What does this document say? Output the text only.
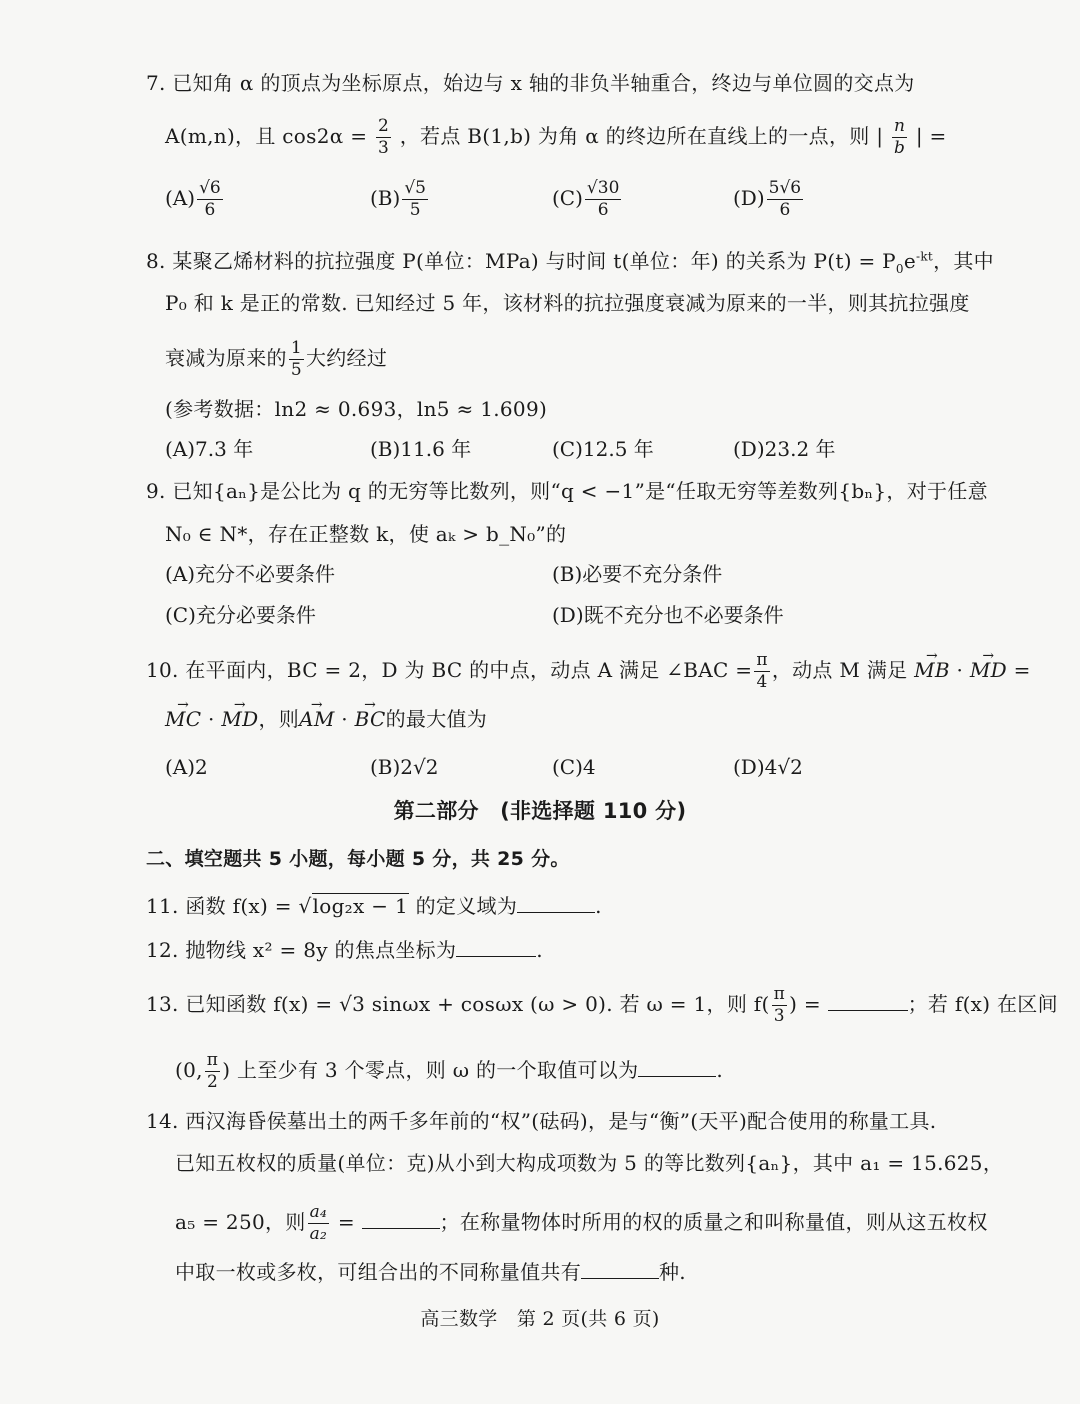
7. 已知角 α 的顶点为坐标原点，始边与 x 轴的非负半轴重合，终边与单位圆的交点为
A(m,n)，且 $\cos 2\alpha = \frac{2}{3}$ ，若点 B(1,b) 为角 α 的终边所在直线上的一点，则 | $\frac{n}{b}$ | =
$(A) \frac{√6}{6}$	$(B) \frac{√5}{5}$	$(C) \frac{√30}{6}$	$(D) \frac{5√6}{6}$
8. 某聚乙烯材料的抗拉强度 P(单位：MPa) 与时间 t(单位：年) 的关系为 $P(t) = P_0e^{-kt}$，其中
P₀ 和 k 是正的常数. 已知经过 5 年，该材料的抗拉强度衰减为原来的一半，则其抗拉强度
衰减为原来的 $\frac{1}{5}$ 大约经过
(参考数据：ln2 ≈ 0.693，ln5 ≈ 1.609)
(A)7.3 年	(B)11.6 年	(C)12.5 年	(D)23.2 年
9. 已知{aₙ}是公比为 q 的无穷等比数列，则“q < −1”是“任取无穷等差数列{bₙ}，对于任意
N₀ ∈ N*，存在正整数 k，使 aₖ > b_N₀”的
(A)充分不必要条件	(B)必要不充分条件
(C)充分必要条件	(D)既不充分也不必要条件
10. 在平面内，BC = 2，D 为 BC 的中点，动点 A 满足 ∠BAC = $\frac{\pi}{4}$ ，动点 M 满足 → MB · → MD =
→ MC · → MD，则→ AM · → BC的最大值为
(A)2	(B)2√2	(C)4	(D)4√2
第二部分　(非选择题 110 分)
二、填空题共 5 小题，每小题 5 分，共 25 分。
11. 函数 f(x) = √log₂x − 1 的定义域为	.
12. 抛物线 x² = 8y 的焦点坐标为	.
13. 已知函数 f(x) = √3 sinωx + cosωx (ω > 0). 若 ω = 1，则 $f( \frac{\pi}{3}$ ) =	；若 f(x) 在区间
(0, $\frac{\pi}{2}$ ) 上至少有 3 个零点，则 ω 的一个取值可以为	.
14. 西汉海昏侯墓出土的两千多年前的“权”(砝码)，是与“衡”(天平)配合使用的称量工具.
已知五枚权的质量(单位：克)从小到大构成项数为 5 的等比数列{aₙ}，其中 a₁ = 15.625，
a₅ = 250，则 $\frac{\text{a₄}}{\text{a₂}}$ =	；在称量物体时所用的权的质量之和叫称量值，则从这五枚权
中取一枚或多枚，可组合出的不同称量值共有	种.
高三数学　第 2 页(共 6 页)
